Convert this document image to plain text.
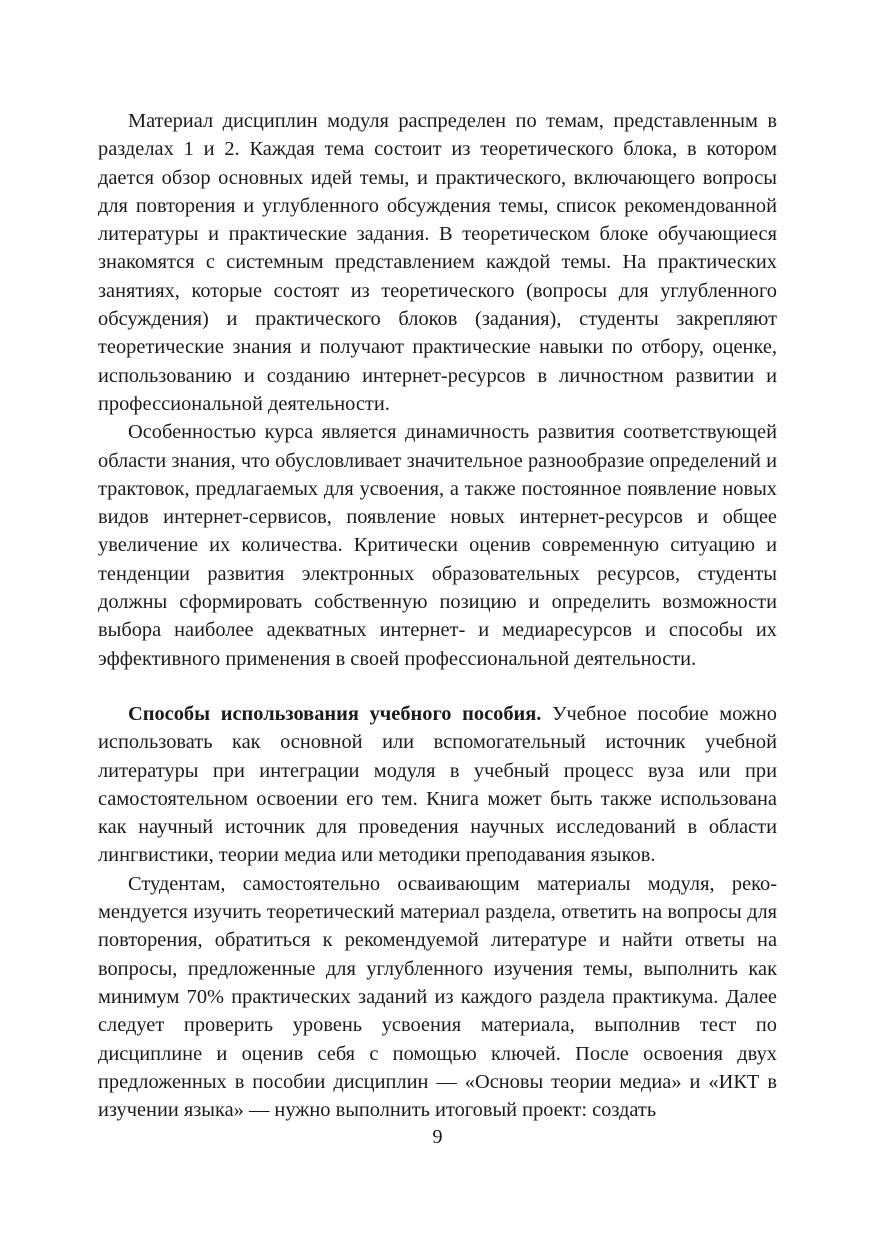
Материал дисциплин модуля распределен по темам, представленным в разделах 1 и 2. Каждая тема состоит из теоретического блока, в котором дается обзор основных идей темы, и практического, включающего вопросы для повторения и углубленного обсуждения темы, список рекомендованной литературы и практические задания. В теоретическом блоке обучающиеся знакомятся с системным представлением каждой темы. На практических занятиях, которые состоят из теоретического (вопросы для углубленного обсуждения) и практического блоков (задания), студенты закрепляют теоретические знания и получают практические навыки по отбору, оценке, использованию и созданию интернет-ресурсов в личностном развитии и профессиональной деятельности.

Особенностью курса является динамичность развития соответствующей области знания, что обусловливает значительное разнообразие определений и трактовок, предлагаемых для усвоения, а также постоянное появление новых видов интернет-сервисов, появление новых интернет-ресурсов и общее увеличение их количества. Критически оценив современную ситуацию и тенденции развития электронных образовательных ресурсов, студенты должны сформировать собственную позицию и определить возможности выбора наиболее адекватных интернет- и медиаресурсов и способы их эффективного применения в своей профессиональной деятельности.

Способы использования учебного пособия. Учебное пособие можно использовать как основной или вспомогательный источник учебной литературы при интеграции модуля в учебный процесс вуза или при самостоятельном освоении его тем. Книга может быть также использована как научный источник для проведения научных исследований в области лингвистики, теории медиа или методики преподавания языков.

Студентам, самостоятельно осваивающим материалы модуля, рекомендуется изучить теоретический материал раздела, ответить на вопросы для повторения, обратиться к рекомендуемой литературе и найти ответы на вопросы, предложенные для углубленного изучения темы, выполнить как минимум 70% практических заданий из каждого раздела практикума. Далее следует проверить уровень усвоения материала, выполнив тест по дисциплине и оценив себя с помощью ключей. После освоения двух предложенных в пособии дисциплин — «Основы теории медиа» и «ИКТ в изучении языка» — нужно выполнить итоговый проект: создать

9
